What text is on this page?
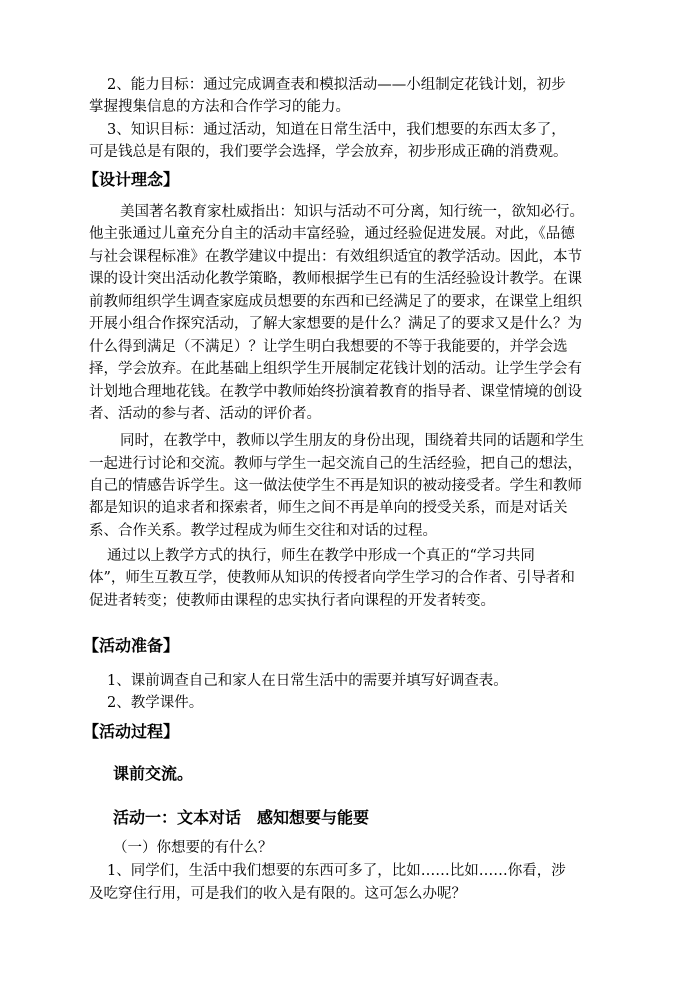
2、能力目标：通过完成调查表和模拟活动——小组制定花钱计划，初步
掌握搜集信息的方法和合作学习的能力。
3、知识目标：通过活动，知道在日常生活中，我们想要的东西太多了，
可是钱总是有限的，我们要学会选择，学会放弃，初步形成正确的消费观。
【设计理念】
美国著名教育家杜威指出：知识与活动不可分离，知行统一，欲知必行。
他主张通过儿童充分自主的活动丰富经验，通过经验促进发展。对此，《品德
与社会课程标准》在教学建议中提出：有效组织适宜的教学活动。因此，本节
课的设计突出活动化教学策略，教师根据学生已有的生活经验设计教学。在课
前教师组织学生调查家庭成员想要的东西和已经满足了的要求，在课堂上组织
开展小组合作探究活动，了解大家想要的是什么？满足了的要求又是什么？为
什么得到满足（不满足）？让学生明白我想要的不等于我能要的，并学会选
择，学会放弃。在此基础上组织学生开展制定花钱计划的活动。让学生学会有
计划地合理地花钱。在教学中教师始终扮演着教育的指导者、课堂情境的创设
者、活动的参与者、活动的评价者。
同时，在教学中，教师以学生朋友的身份出现，围绕着共同的话题和学生
一起进行讨论和交流。教师与学生一起交流自己的生活经验，把自己的想法，
自己的情感告诉学生。这一做法使学生不再是知识的被动接受者。学生和教师
都是知识的追求者和探索者，师生之间不再是单向的授受关系，而是对话关
系、合作关系。教学过程成为师生交往和对话的过程。
通过以上教学方式的执行，师生在教学中形成一个真正的“学习共同
体”，师生互教互学，使教师从知识的传授者向学生学习的合作者、引导者和
促进者转变；使教师由课程的忠实执行者向课程的开发者转变。
【活动准备】
1、课前调查自己和家人在日常生活中的需要并填写好调查表。
2、教学课件。
【活动过程】
课前交流。
活动一：文本对话　感知想要与能要
（一）你想要的有什么？
1、同学们，生活中我们想要的东西可多了，比如……比如……你看，涉
及吃穿住行用，可是我们的收入是有限的。这可怎么办呢？
